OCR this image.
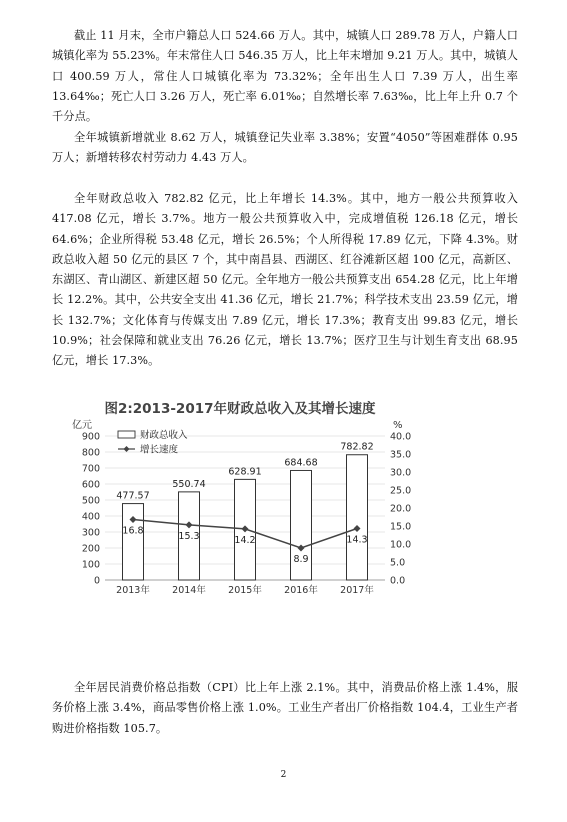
截止 11 月末，全市户籍总人口 524.66 万人。其中，城镇人口 289.78 万人，户籍人口城镇化率为 55.23%。年末常住人口 546.35 万人，比上年末增加 9.21 万人。其中，城镇人口 400.59 万人，常住人口城镇化率为 73.32%；全年出生人口 7.39 万人，出生率 13.64‰；死亡人口 3.26 万人，死亡率 6.01‰；自然增长率 7.63‰，比上年上升 0.7 个千分点。
全年城镇新增就业 8.62 万人，城镇登记失业率 3.38%；安置“4050”等困难群体 0.95 万人；新增转移农村劳动力 4.43 万人。
全年财政总收入 782.82 亿元，比上年增长 14.3%。其中，地方一般公共预算收入 417.08 亿元，增长 3.7%。地方一般公共预算收入中，完成增值税 126.18 亿元，增长 64.6%；企业所得税 53.48 亿元，增长 26.5%；个人所得税 17.89 亿元，下降 4.3%。财政总收入超 50 亿元的县区 7 个，其中南昌县、西湖区、红谷滩新区超 100 亿元，高新区、东湖区、青山湖区、新建区超 50 亿元。全年地方一般公共预算支出 654.28 亿元，比上年增长 12.2%。其中，公共安全支出 41.36 亿元，增长 21.7%；科学技术支出 23.59 亿元，增长 132.7%；文化体育与传媒支出 7.89 亿元，增长 17.3%；教育支出 99.83 亿元，增长 10.9%；社会保障和就业支出 76.26 亿元，增长 13.7%；医疗卫生与计划生育支出 68.95 亿元，增长 17.3%。
图2:2013-2017年财政总收入及其增长速度
亿元	%
0
100
200
300
400
500
600
700
800
900
0.0
5.0
10.0
15.0
20.0
25.0
30.0
35.0
40.0
477.57
550.74
628.91
684.68
782.82
16.8	15.3	14.2
8.9
14.3
2013年 2014年 2015年 2016年 2017年
财政总收入
增长速度
全年居民消费价格总指数（CPI）比上年上涨 2.1%。其中，消费品价格上涨 1.4%，服务价格上涨 3.4%，商品零售价格上涨 1.0%。工业生产者出厂价格指数 104.4，工业生产者购进价格指数 105.7。
2
